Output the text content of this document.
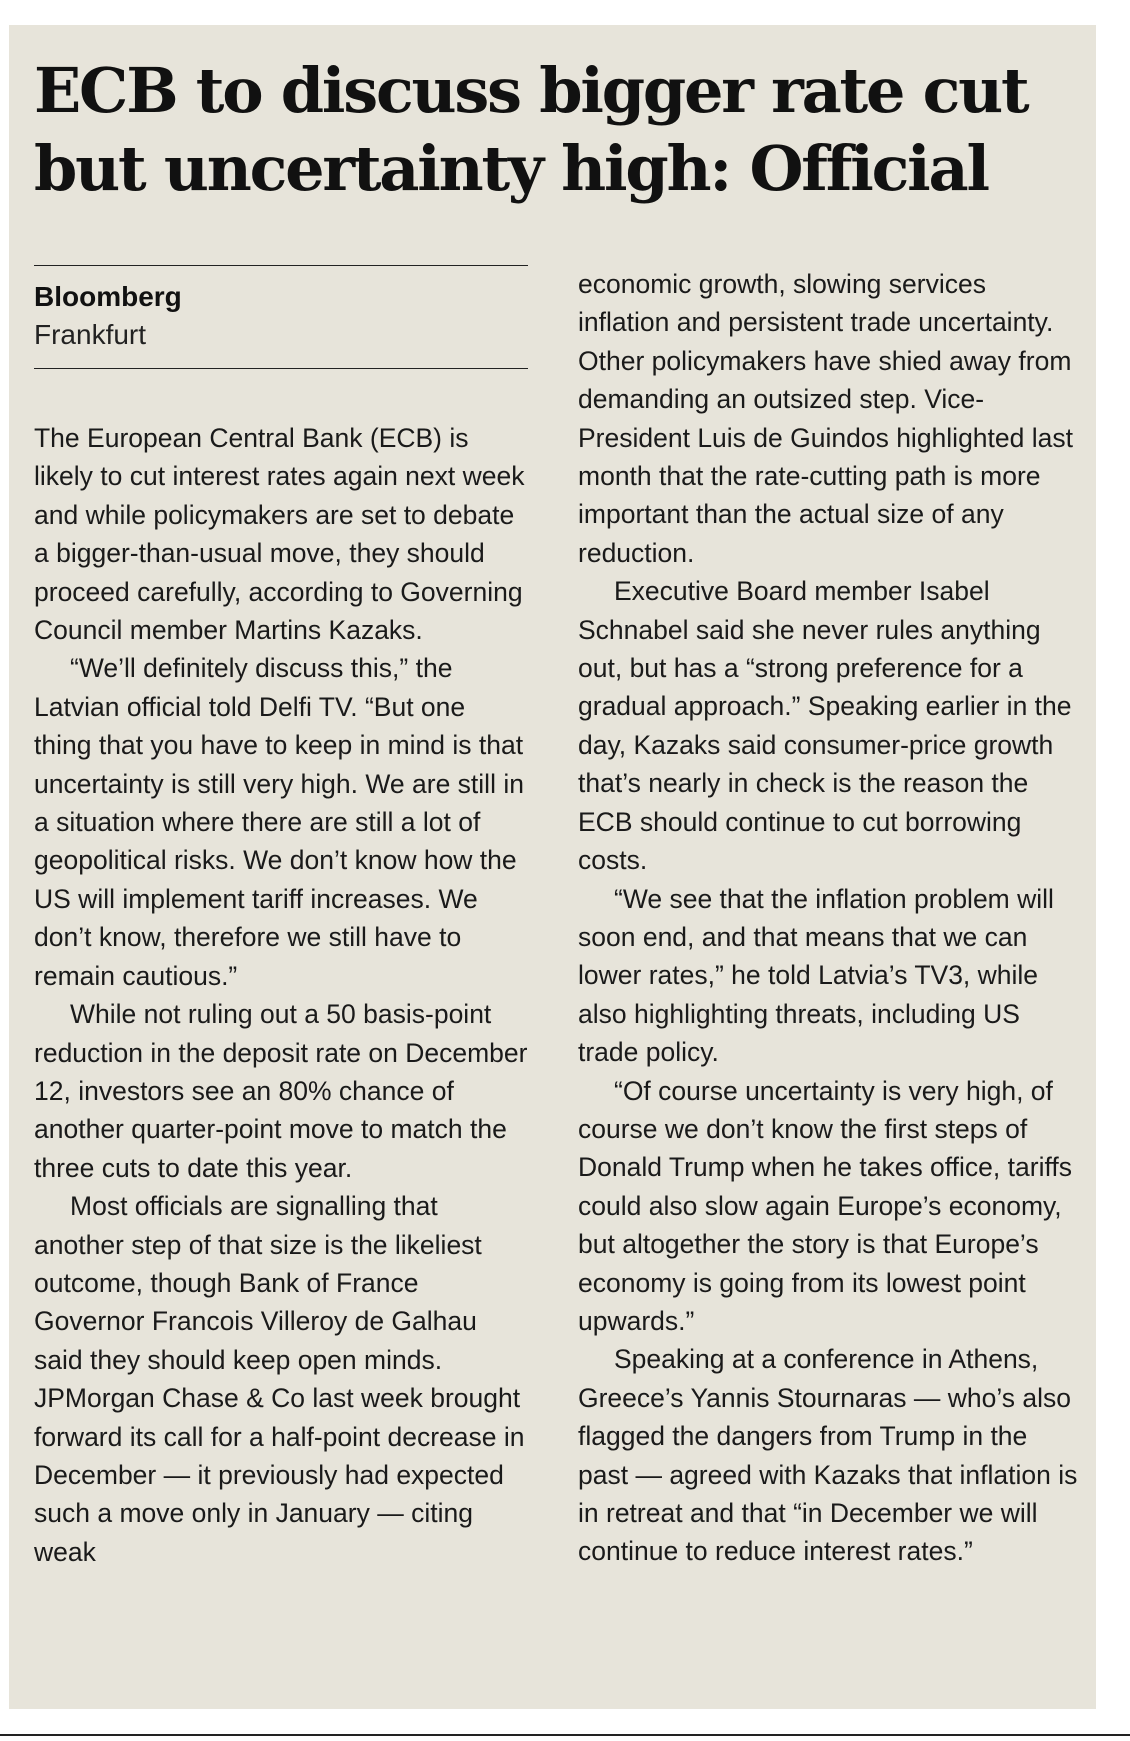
ECB to discuss bigger rate cut but uncertainty high: Official
Bloomberg
Frankfurt

The European Central Bank (ECB) is likely to cut interest rates again next week and while policymakers are set to debate a bigger-than-usual move, they should proceed carefully, according to Governing Council member Martins Kazaks.

“We’ll definitely discuss this,” the Latvian official told Delfi TV. “But one thing that you have to keep in mind is that uncertainty is still very high. We are still in a situation where there are still a lot of geopolitical risks. We don’t know how the US will implement tariff increases. We don’t know, therefore we still have to remain cautious.”

While not ruling out a 50 basis-point reduction in the deposit rate on December 12, investors see an 80% chance of another quarter-point move to match the three cuts to date this year.

Most officials are signalling that another step of that size is the likeliest outcome, though Bank of France Governor Francois Villeroy de Galhau said they should keep open minds. JPMorgan Chase & Co last week brought forward its call for a half-point decrease in December — it previously had expected such a move only in January — citing weak

economic growth, slowing services inflation and persistent trade uncertainty. Other policymakers have shied away from demanding an outsized step. Vice-President Luis de Guindos highlighted last month that the rate-cutting path is more important than the actual size of any reduction.

Executive Board member Isabel Schnabel said she never rules anything out, but has a “strong preference for a gradual approach.” Speaking earlier in the day, Kazaks said consumer-price growth that’s nearly in check is the reason the ECB should continue to cut borrowing costs.

“We see that the inflation problem will soon end, and that means that we can lower rates,” he told Latvia’s TV3, while also highlighting threats, including US trade policy.

“Of course uncertainty is very high, of course we don’t know the first steps of Donald Trump when he takes office, tariffs could also slow again Europe’s economy, but altogether the story is that Europe’s economy is going from its lowest point upwards.”

Speaking at a conference in Athens, Greece’s Yannis Stournaras — who’s also flagged the dangers from Trump in the past — agreed with Kazaks that inflation is in retreat and that “in December we will continue to reduce interest rates.”
